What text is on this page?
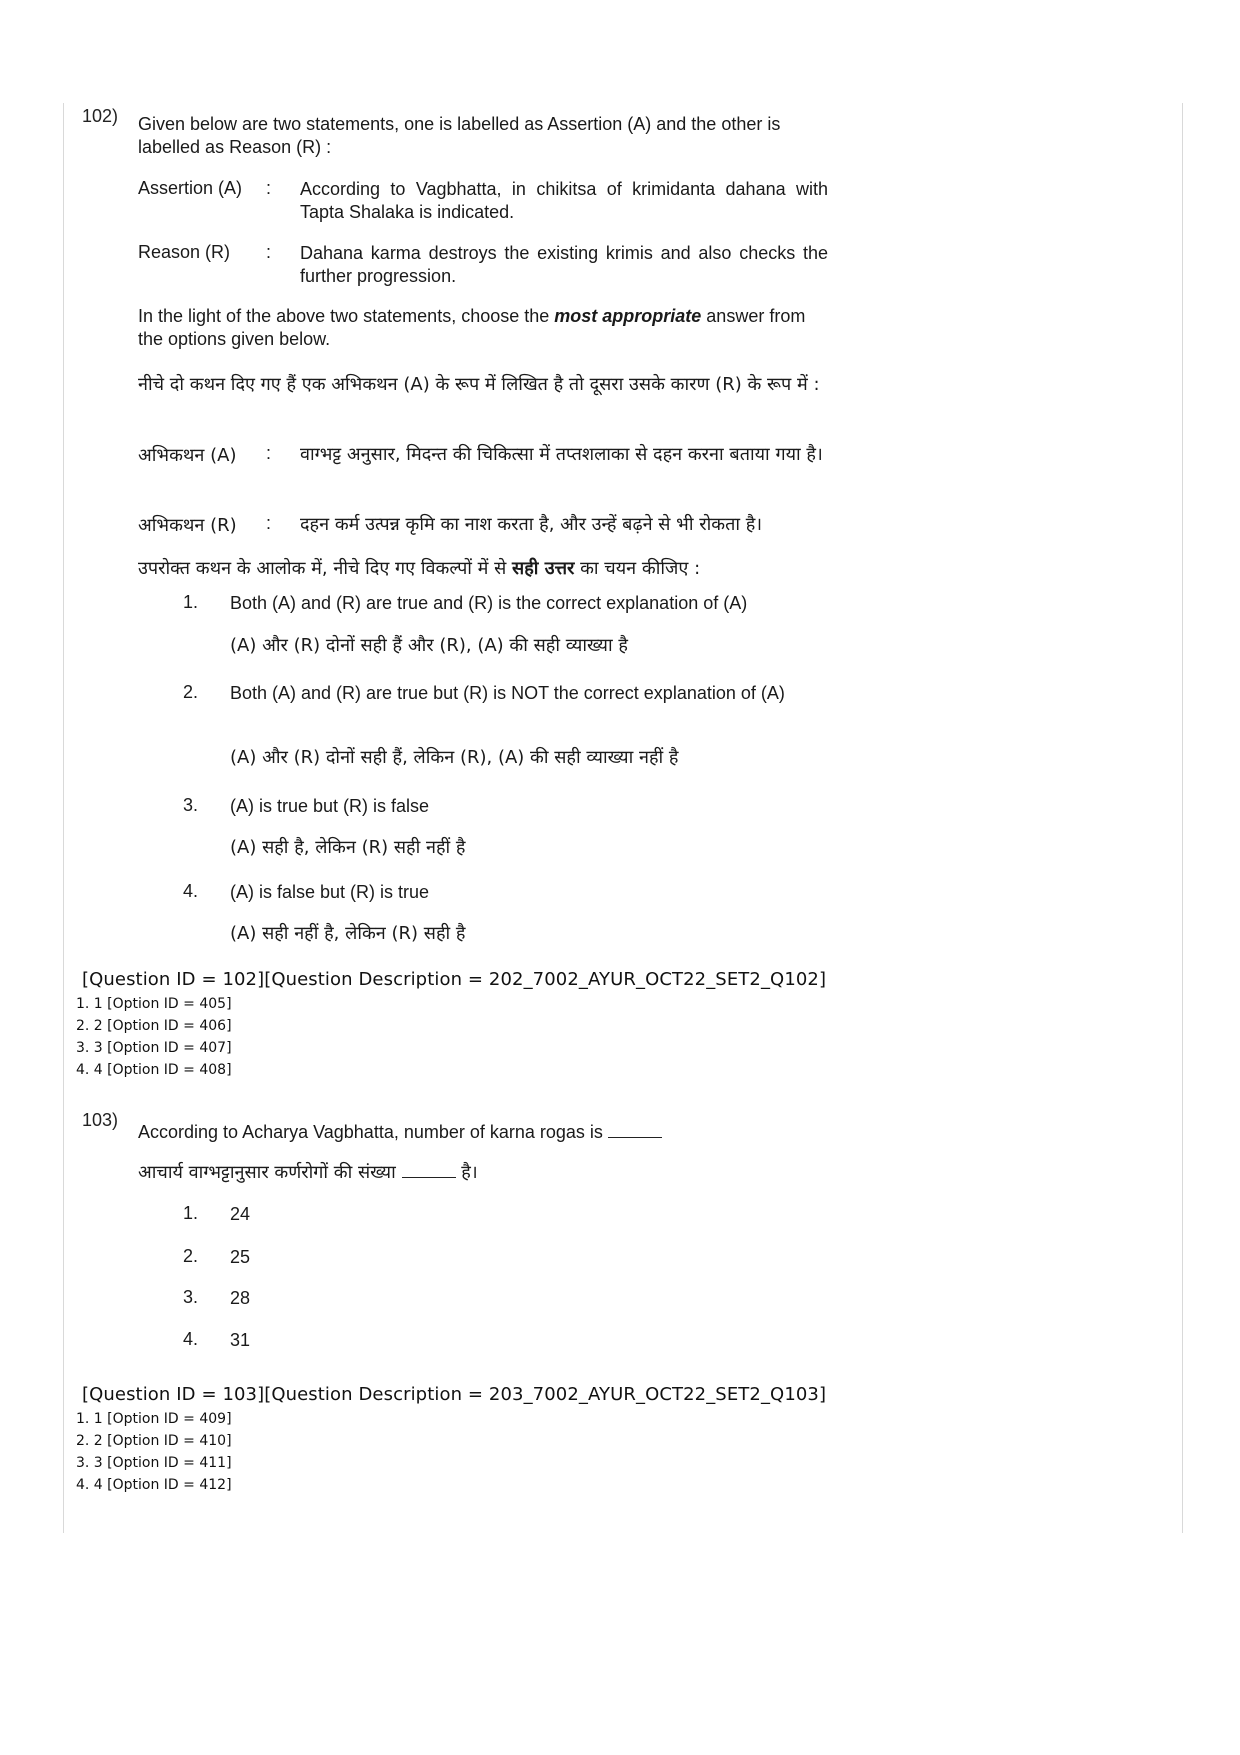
102) Given below are two statements, one is labelled as Assertion (A) and the other is labelled as Reason (R) :
Assertion (A) : According to Vagbhatta, in chikitsa of krimidanta dahana with Tapta Shalaka is indicated.
Reason (R) : Dahana karma destroys the existing krimis and also checks the further progression.
In the light of the above two statements, choose the most appropriate answer from the options given below.
नीचे दो कथन दिए गए हैं एक अभिकथन (A) के रूप में लिखित है तो दूसरा उसके कारण (R) के रूप में :
अभिकथन (A) : वाग्भट्ट अनुसार, मिदन्त की चिकित्सा में तप्तशलाका से दहन करना बताया गया है।
अभिकथन (R) : दहन कर्म उत्पन्न कृमि का नाश करता है, और उन्हें बढ़ने से भी रोकता है।
उपरोक्त कथन के आलोक में, नीचे दिए गए विकल्पों में से सही उत्तर का चयन कीजिए :
1. Both (A) and (R) are true and (R) is the correct explanation of (A)
(A) और (R) दोनों सही हैं और (R), (A) की सही व्याख्या है
2. Both (A) and (R) are true but (R) is NOT the correct explanation of (A)
(A) और (R) दोनों सही हैं, लेकिन (R), (A) की सही व्याख्या नहीं है
3. (A) is true but (R) is false
(A) सही है, लेकिन (R) सही नहीं है
4. (A) is false but (R) is true
(A) सही नहीं है, लेकिन (R) सही है
[Question ID = 102][Question Description = 202_7002_AYUR_OCT22_SET2_Q102]
1. 1 [Option ID = 405]
2. 2 [Option ID = 406]
3. 3 [Option ID = 407]
4. 4 [Option ID = 408]
103)
According to Acharya Vagbhatta, number of karna rogas is
आचार्य वाग्भट्टानुसार कर्णरोगों की संख्या	है।
1. 24
2. 25
3. 28
4. 31
[Question ID = 103][Question Description = 203_7002_AYUR_OCT22_SET2_Q103]
1. 1 [Option ID = 409]
2. 2 [Option ID = 410]
3. 3 [Option ID = 411]
4. 4 [Option ID = 412]
